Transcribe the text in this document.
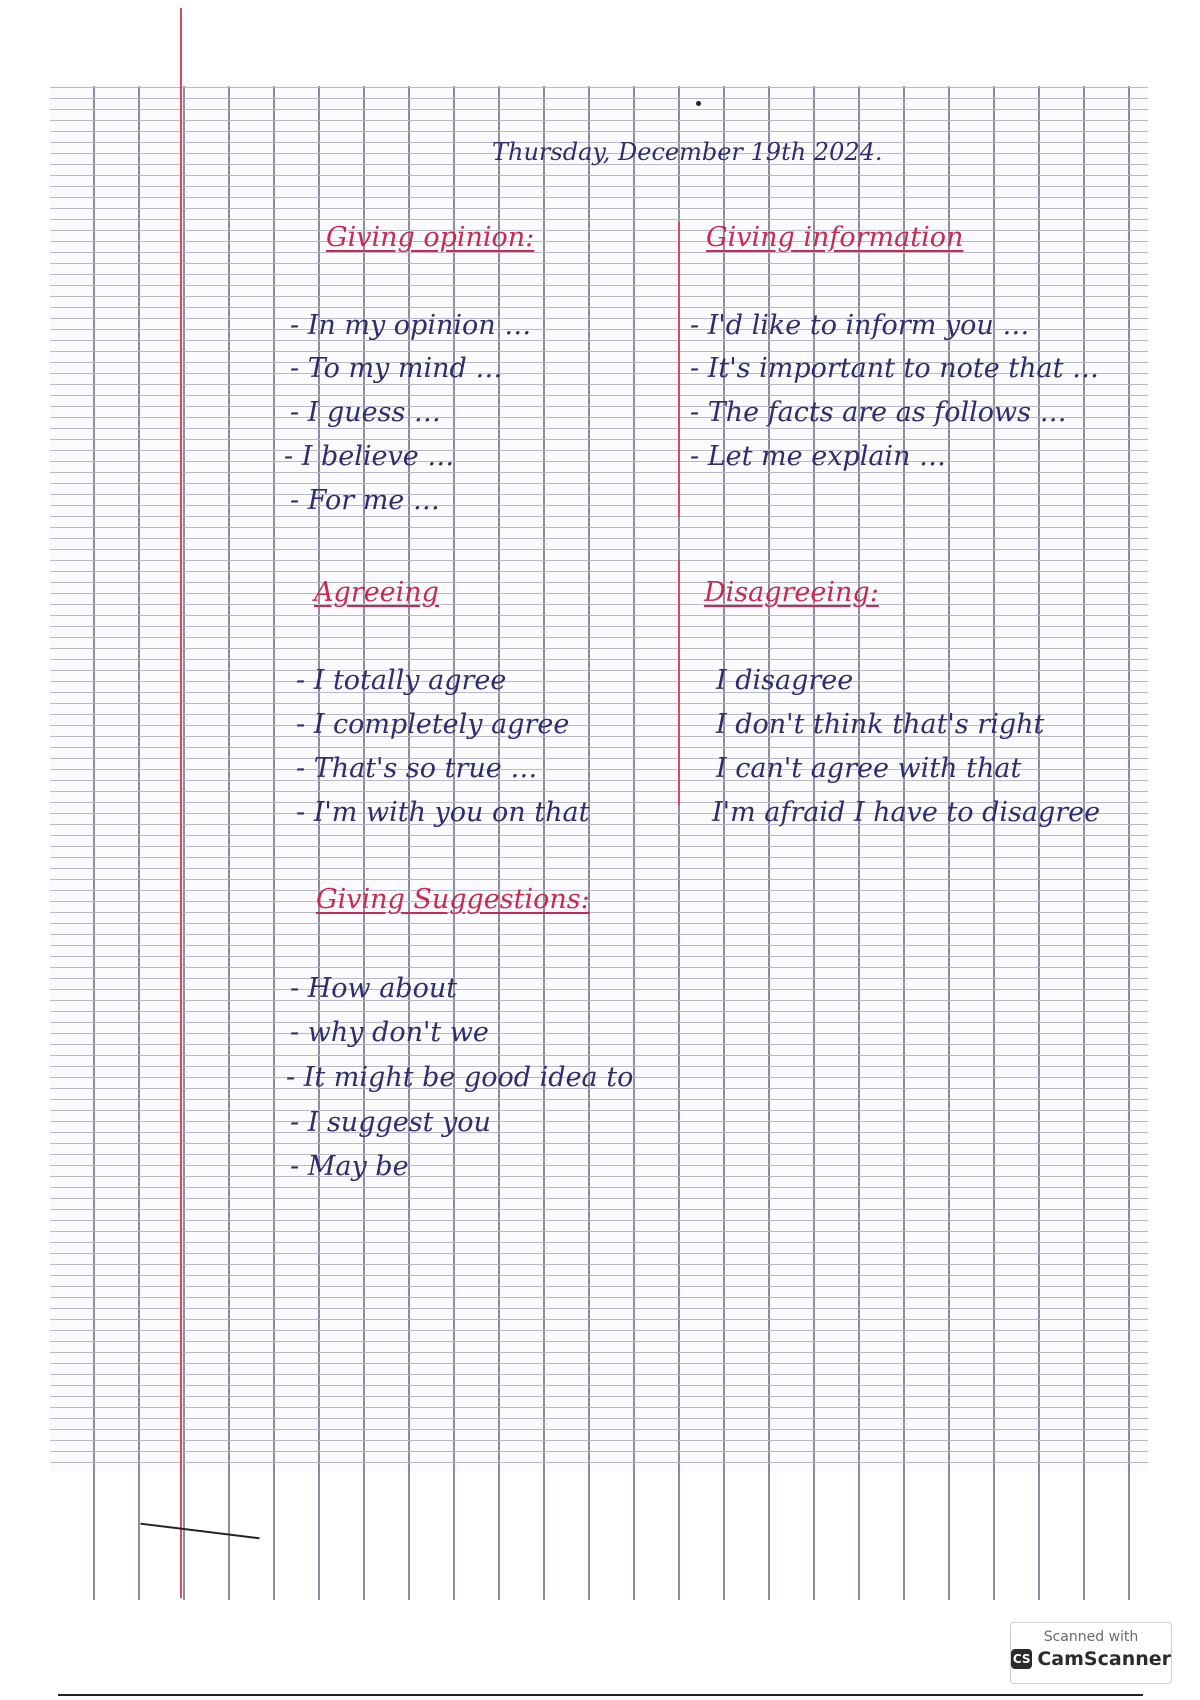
Thursday, December 19th 2024.
Giving opinion:
- In my opinion …
- To my mind …
- I guess …
- I believe …
- For me …
Giving information
- I'd like to inform you …
- It's important to note that …
- The facts are as follows …
- Let me explain …
Agreeing
- I totally agree
- I completely agree
- That's so true …
- I'm with you on that
Disagreeing:
I disagree
I don't think that's right
I can't agree with that
I'm afraid I have to disagree
Giving Suggestions:
- How about
- why don't we
- It might be good idea to
- I suggest you
- May be
Scanned with
CS CamScanner
